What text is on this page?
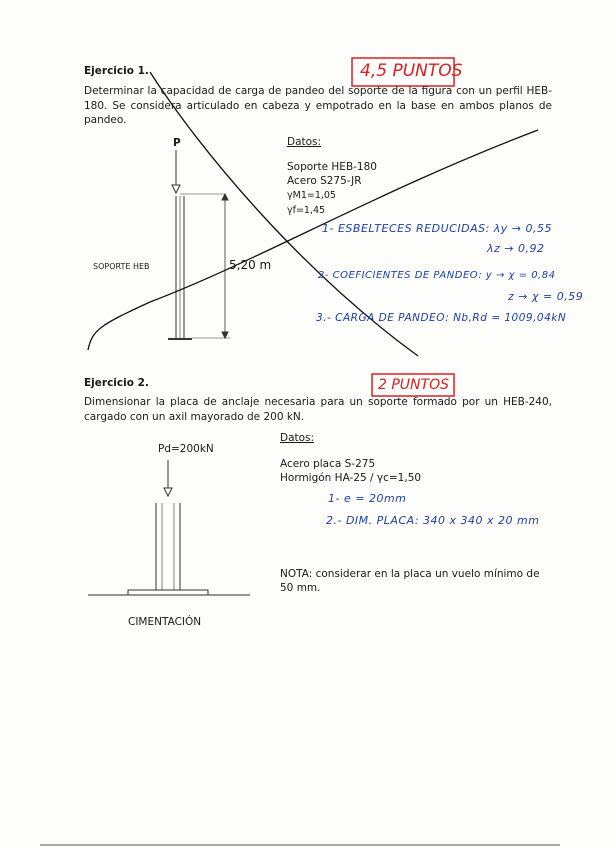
Ejercicio 1.	4,5 PUNTOS
Determinar la capacidad de carga de pandeo del soporte de la figura con un perfil HEB-180. Se considera articulado en cabeza y empotrado en la base en ambos planos de pandeo.
Datos:
Soporte HEB-180
Acero S275-JR
γM1=1,05
γf=1,45
P
SOPORTE HEB	5,20 m
1- ESBELTECES REDUCIDAS: λy → 0,55
λz → 0,92
2- COEFICIENTES DE PANDEO: y → χ = 0,84
z → χ = 0,59
3.- CARGA DE PANDEO: Nb,Rd = 1009,04kN
Ejercicio 2.	2 PUNTOS
Dimensionar la placa de anclaje necesaria para un soporte formado por un HEB-240, cargado con un axil mayorado de 200 kN.
Datos:
Pd=200kN
Acero placa S-275
Hormigón HA-25 / γc=1,50
1- e = 20mm
2.- DIM. PLACA: 340 x 340 x 20 mm
NOTA: considerar en la placa un vuelo mínimo de 50 mm.
CIMENTACIÓN
